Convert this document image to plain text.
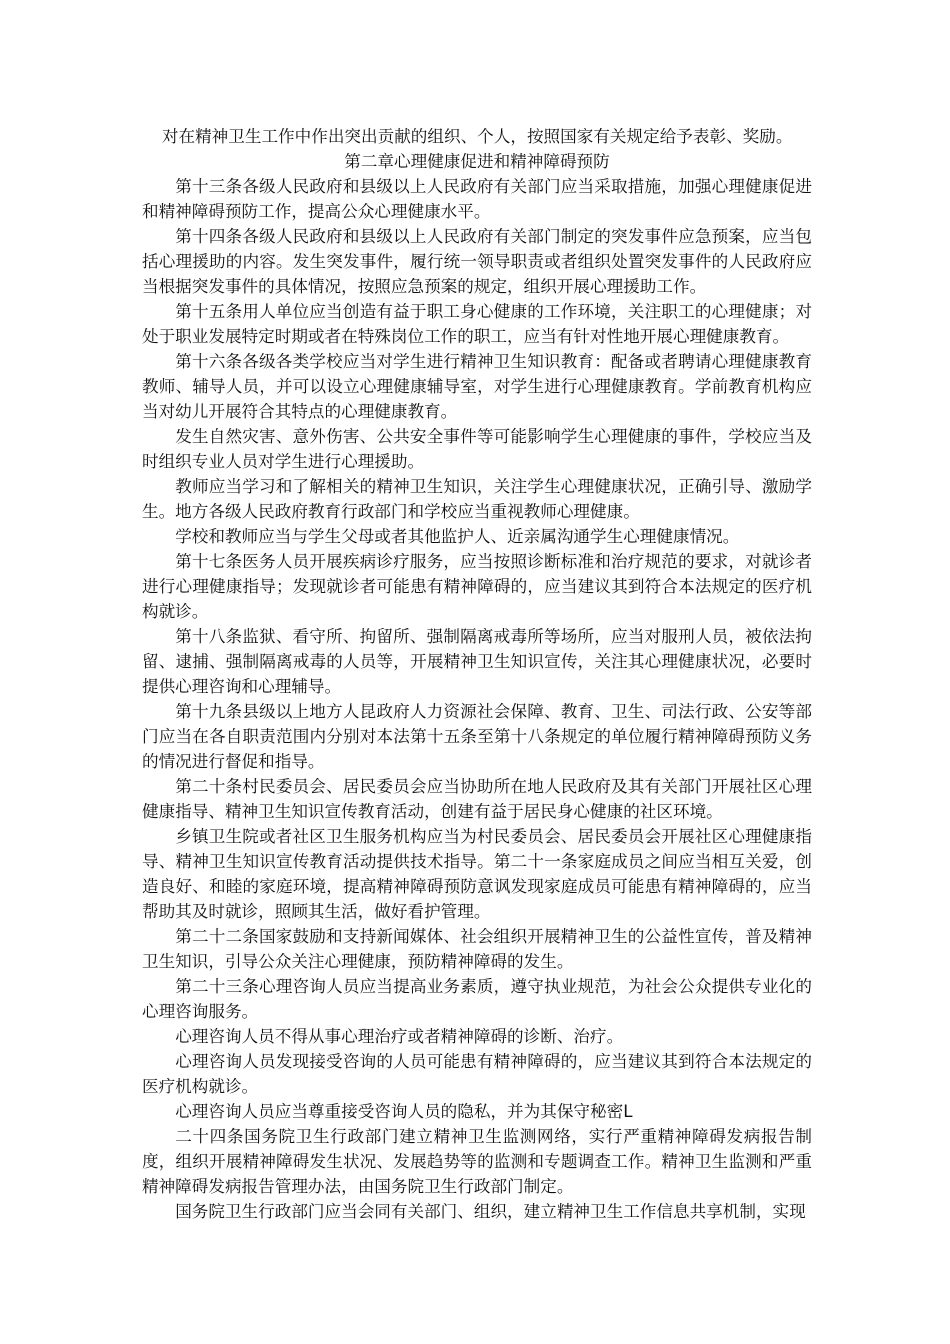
对在精神卫生工作中作出突出贡献的组织、个人，按照国家有关规定给予表彰、奖励。

第二章心理健康促进和精神障碍预防

第十三条各级人民政府和县级以上人民政府有关部门应当采取措施，加强心理健康促进和精神障碍预防工作，提高公众心理健康水平。

第十四条各级人民政府和县级以上人民政府有关部门制定的突发事件应急预案，应当包括心理援助的内容。发生突发事件，履行统一领导职责或者组织处置突发事件的人民政府应当根据突发事件的具体情况，按照应急预案的规定，组织开展心理援助工作。

第十五条用人单位应当创造有益于职工身心健康的工作环境，关注职工的心理健康；对处于职业发展特定时期或者在特殊岗位工作的职工，应当有针对性地开展心理健康教育。

第十六条各级各类学校应当对学生进行精神卫生知识教育：配备或者聘请心理健康教育教师、辅导人员，并可以设立心理健康辅导室，对学生进行心理健康教育。学前教育机构应当对幼儿开展符合其特点的心理健康教育。

发生自然灾害、意外伤害、公共安全事件等可能影响学生心理健康的事件，学校应当及时组织专业人员对学生进行心理援助。

教师应当学习和了解相关的精神卫生知识，关注学生心理健康状况，正确引导、激励学生。地方各级人民政府教育行政部门和学校应当重视教师心理健康。

学校和教师应当与学生父母或者其他监护人、近亲属沟通学生心理健康情况。

第十七条医务人员开展疾病诊疗服务，应当按照诊断标准和治疗规范的要求，对就诊者进行心理健康指导；发现就诊者可能患有精神障碍的，应当建议其到符合本法规定的医疗机构就诊。

第十八条监狱、看守所、拘留所、强制隔离戒毒所等场所，应当对服刑人员，被依法拘留、逮捕、强制隔离戒毒的人员等，开展精神卫生知识宣传，关注其心理健康状况，必要时提供心理咨询和心理辅导。

第十九条县级以上地方人昆政府人力资源社会保障、教育、卫生、司法行政、公安等部门应当在各自职责范围内分别对本法第十五条至第十八条规定的单位履行精神障碍预防义务的情况进行督促和指导。

第二十条村民委员会、居民委员会应当协助所在地人民政府及其有关部门开展社区心理健康指导、精神卫生知识宣传教育活动，创建有益于居民身心健康的社区环境。

乡镇卫生院或者社区卫生服务机构应当为村民委员会、居民委员会开展社区心理健康指导、精神卫生知识宣传教育活动提供技术指导。第二十一条家庭成员之间应当相互关爱，创造良好、和睦的家庭环境，提高精神障碍预防意讽发现家庭成员可能患有精神障碍的，应当帮助其及时就诊，照顾其生活，做好看护管理。

第二十二条国家鼓励和支持新闻媒体、社会组织开展精神卫生的公益性宣传，普及精神卫生知识，引导公众关注心理健康，预防精神障碍的发生。

第二十三条心理咨询人员应当提高业务素质，遵守执业规范，为社会公众提供专业化的心理咨询服务。

心理咨询人员不得从事心理治疗或者精神障碍的诊断、治疗。

心理咨询人员发现接受咨询的人员可能患有精神障碍的，应当建议其到符合本法规定的医疗机构就诊。

心理咨询人员应当尊重接受咨询人员的隐私，并为其保守秘密L

二十四条国务院卫生行政部门建立精神卫生监测网络，实行严重精神障碍发病报告制度，组织开展精神障碍发生状况、发展趋势等的监测和专题调查工作。精神卫生监测和严重精神障碍发病报告管理办法，由国务院卫生行政部门制定。

国务院卫生行政部门应当会同有关部门、组织，建立精神卫生工作信息共享机制，实现
